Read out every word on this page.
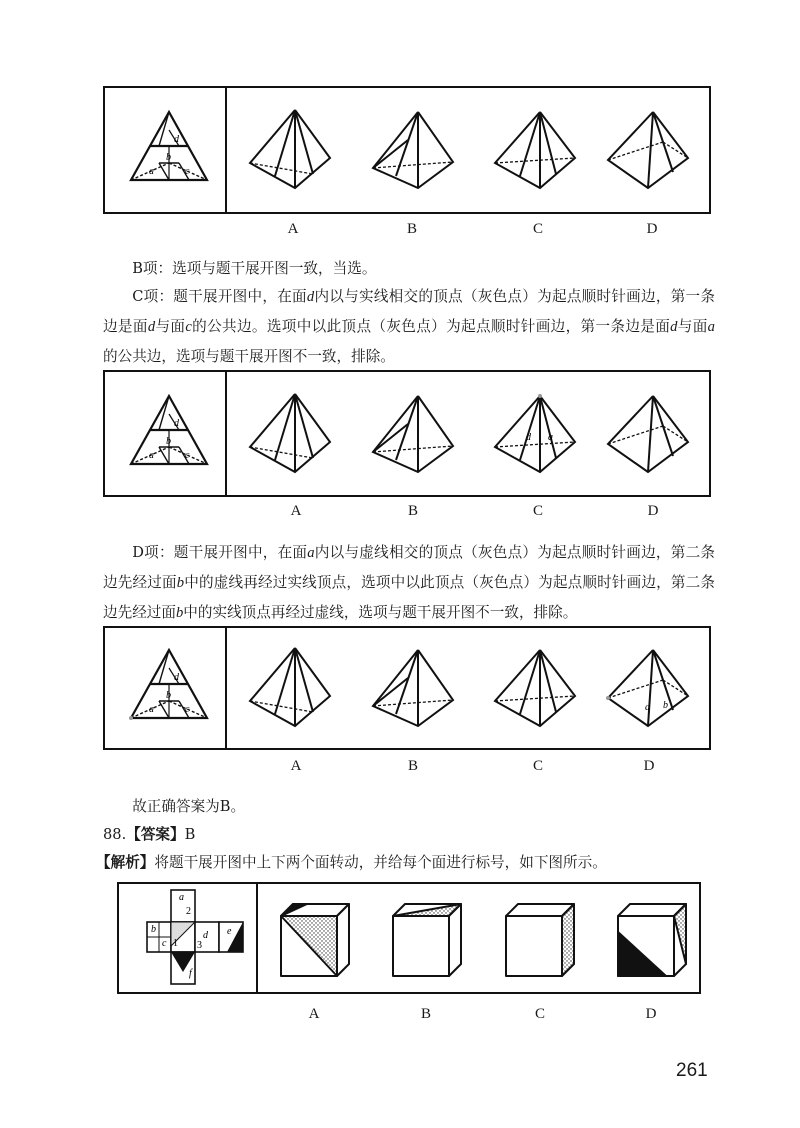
d
b
a	c
A	B	C	D

B项：选项与题干展开图一致，当选。

C项：题干展开图中，在面d内以与实线相交的顶点（灰色点）为起点顺时针画边，第一条边是面d与面c的公共边。选项中以此顶点（灰色点）为起点顺时针画边，第一条边是面d与面a的公共边，选项与题干展开图不一致，排除。

d
b
a	c
d a
A	B	C	D

D项：题干展开图中，在面a内以与虚线相交的顶点（灰色点）为起点顺时针画边，第二条边先经过面b中的虚线再经过实线顶点，选项中以此顶点（灰色点）为起点顺时针画边，第二条边先经过面b中的实线顶点再经过虚线，选项与题干展开图不一致，排除。

d
b
a	c	a b
A	B	C	D

故正确答案为B。

88.【答案】B

【解析】将题干展开图中上下两个面转动，并给每个面进行标号，如下图所示。

a
b
c
d e
f
2
1 3
A	B	C	D
261
